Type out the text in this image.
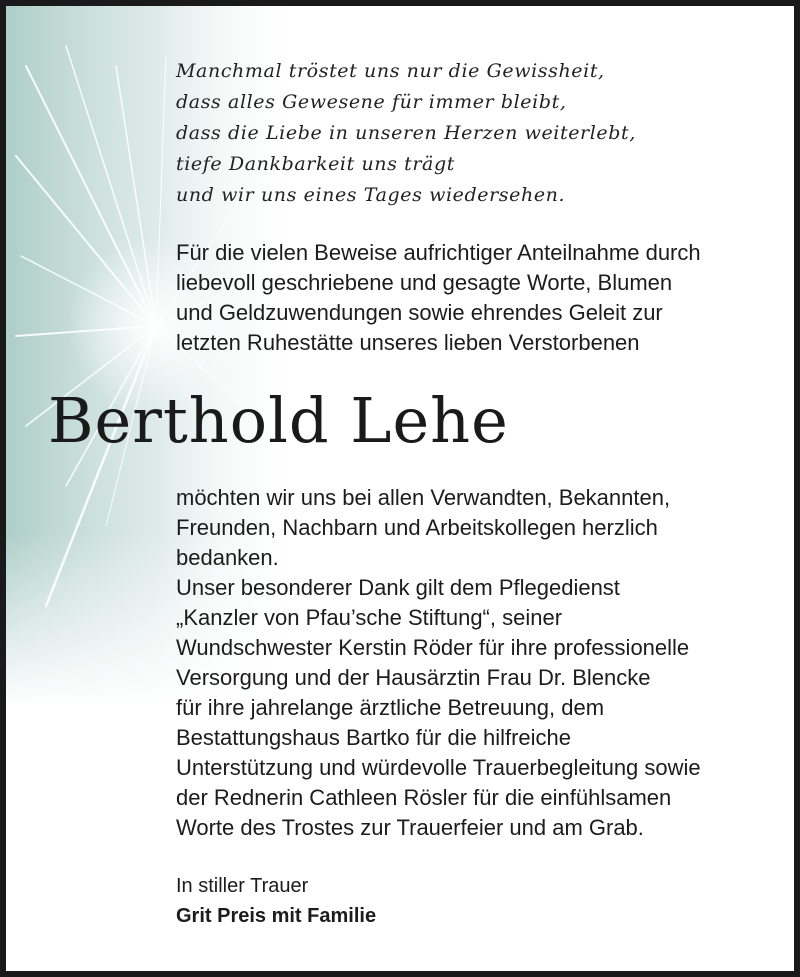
Manchmal tröstet uns nur die Gewissheit,
dass alles Gewesene für immer bleibt,
dass die Liebe in unseren Herzen weiterlebt,
tiefe Dankbarkeit uns trägt
und wir uns eines Tages wiedersehen.
Für die vielen Beweise aufrichtiger Anteilnahme durch
liebevoll geschriebene und gesagte Worte, Blumen
und Geldzuwendungen sowie ehrendes Geleit zur
letzten Ruhestätte unseres lieben Verstorbenen
Berthold Lehe
möchten wir uns bei allen Verwandten, Bekannten,
Freunden, Nachbarn und Arbeitskollegen herzlich
bedanken.
Unser besonderer Dank gilt dem Pflegedienst
„Kanzler von Pfau’sche Stiftung“, seiner
Wundschwester Kerstin Röder für ihre professionelle
Versorgung und der Hausärztin Frau Dr. Blencke
für ihre jahrelange ärztliche Betreuung, dem
Bestattungshaus Bartko für die hilfreiche
Unterstützung und würdevolle Trauerbegleitung sowie
der Rednerin Cathleen Rösler für die einfühlsamen
Worte des Trostes zur Trauerfeier und am Grab.
In stiller Trauer
Grit Preis mit Familie
